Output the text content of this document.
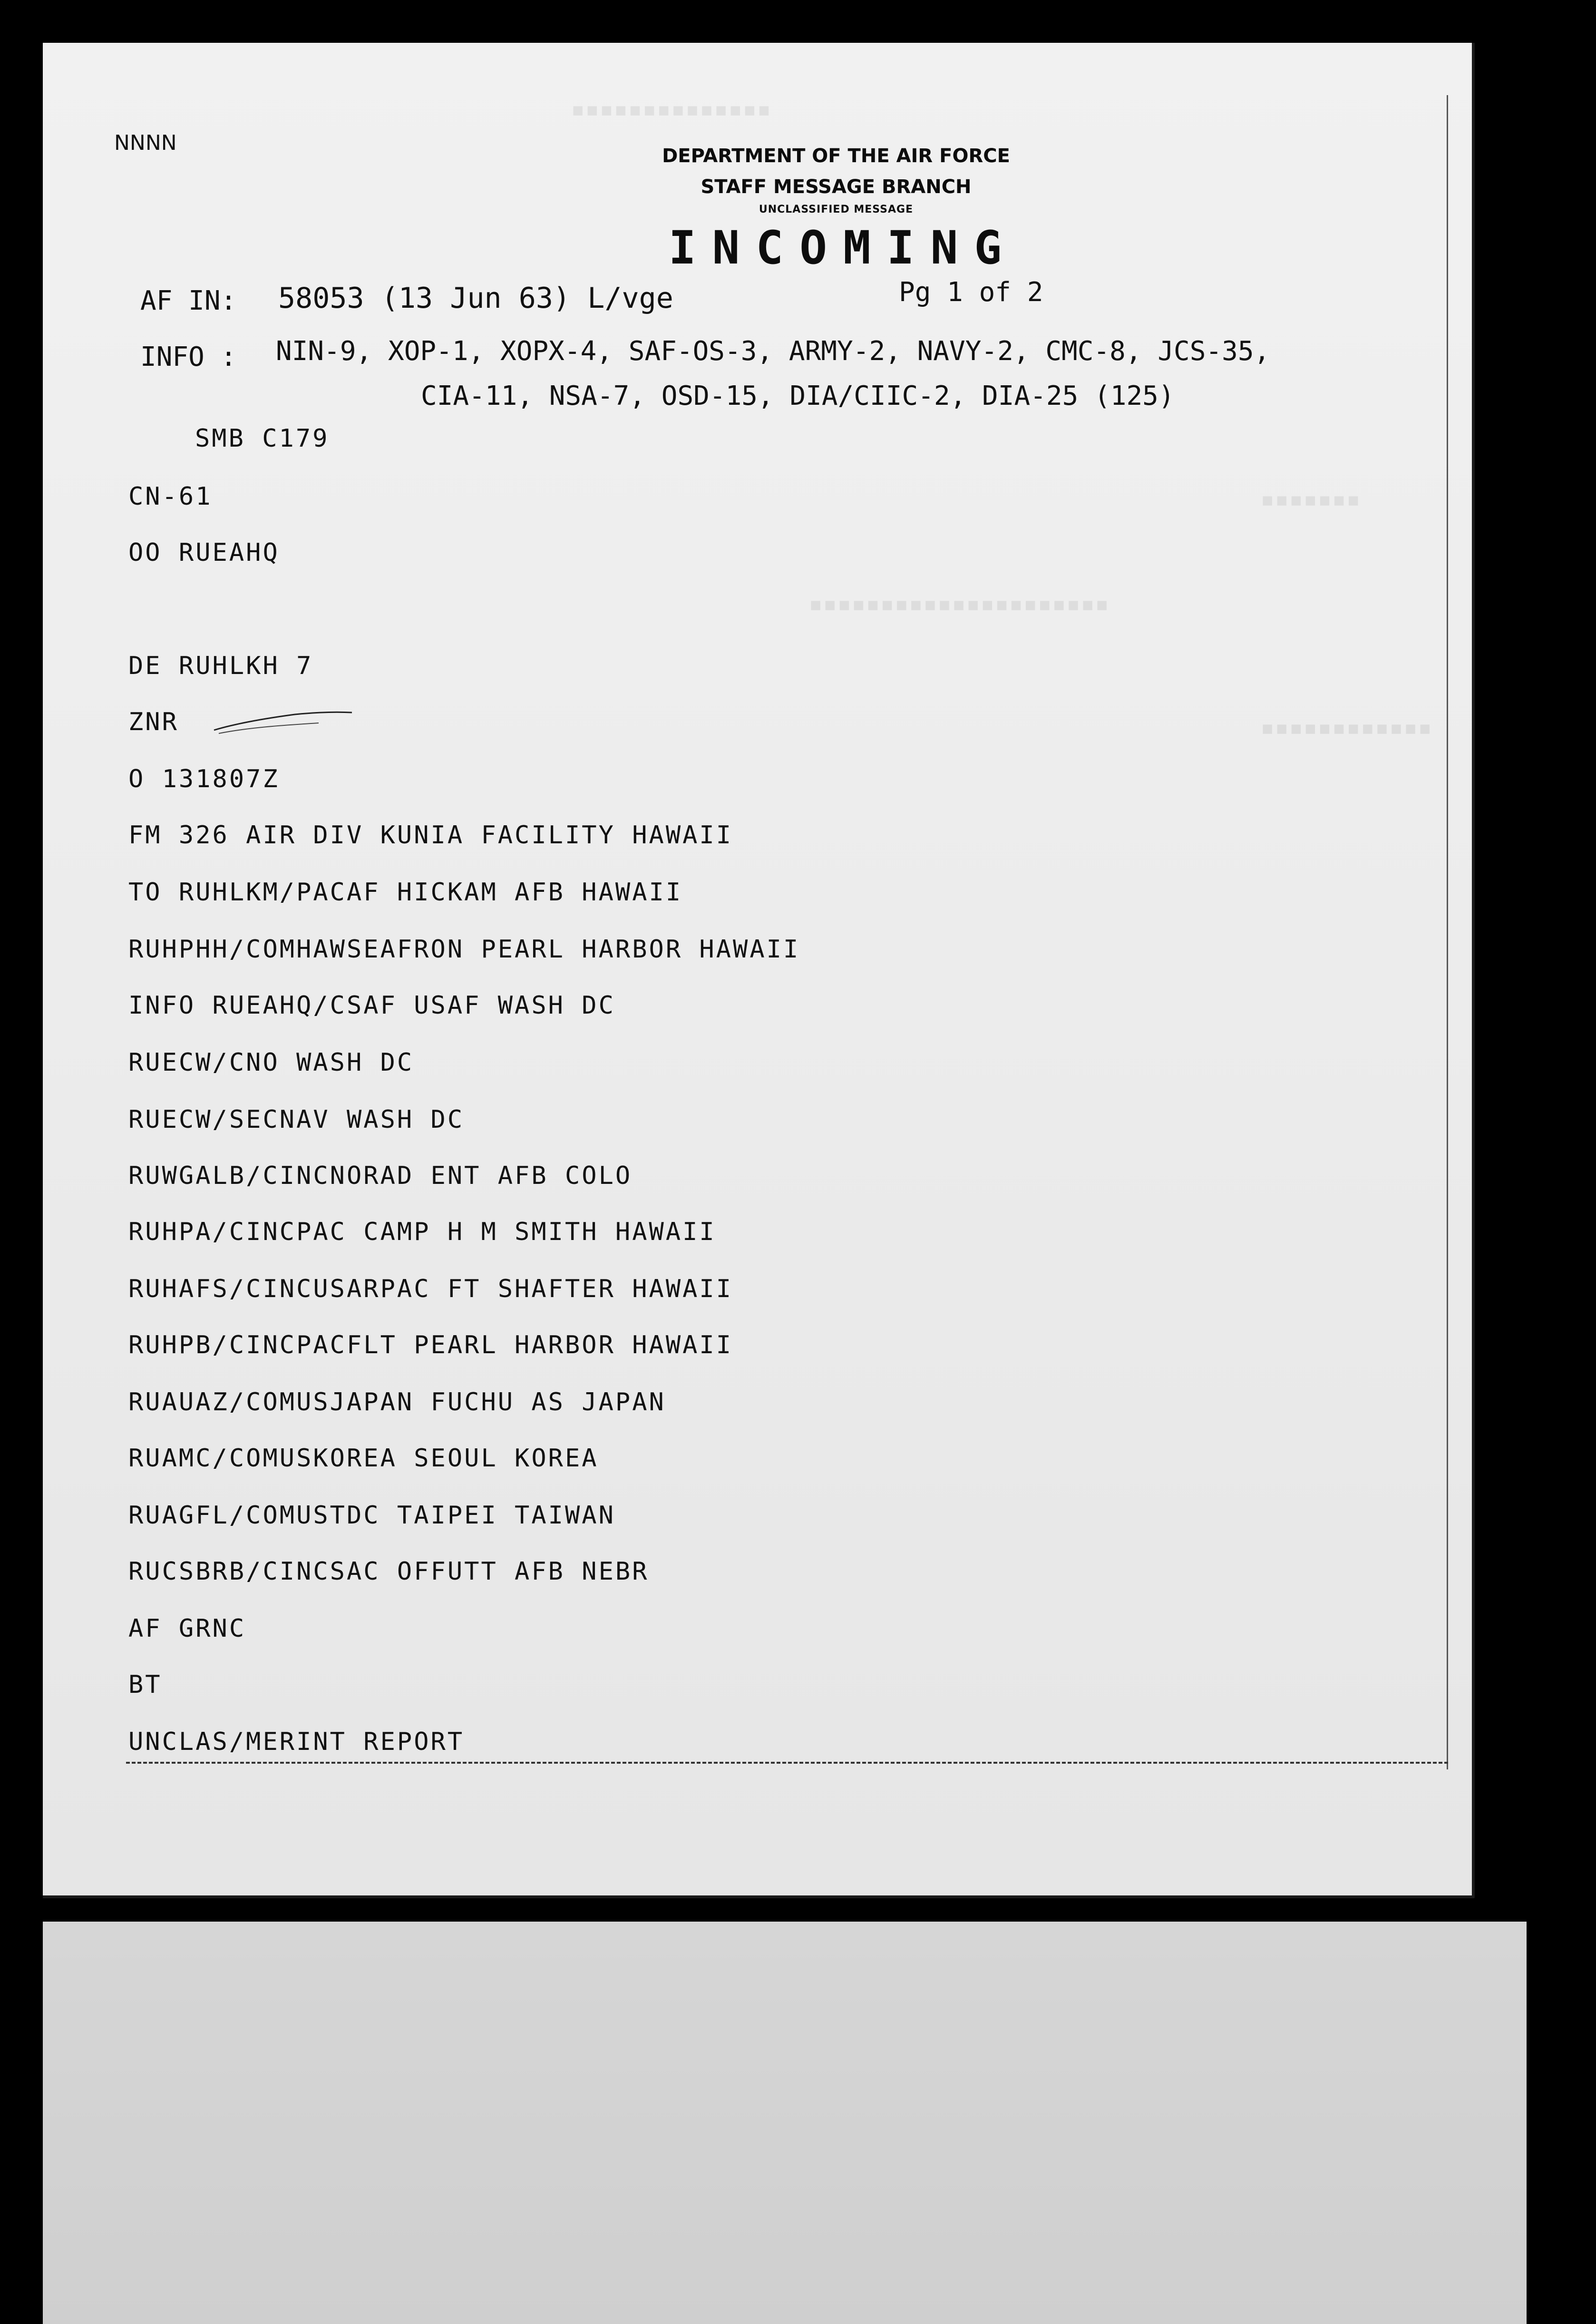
▪▪▪▪▪▪▪▪▪▪▪▪▪▪
▪▪▪▪▪▪▪
▪▪▪▪▪▪▪▪▪▪▪▪
▪▪▪▪▪▪▪▪▪▪▪▪▪▪▪▪▪▪▪▪▪
NNNN
DEPARTMENT OF THE AIR FORCE
STAFF MESSAGE BRANCH
UNCLASSIFIED MESSAGE
INCOMING
AF IN: 58053 (13 Jun 63) L/vge	Pg 1 of 2
INFO : NIN-9, XOP-1, XOPX-4, SAF-OS-3, ARMY-2, NAVY-2, CMC-8, JCS-35,
CIA-11, NSA-7, OSD-15, DIA/CIIC-2, DIA-25 (125)
SMB C179
CN-61
OO RUEAHQ
DE RUHLKH 7
ZNR
O 131807Z
FM 326 AIR DIV KUNIA FACILITY HAWAII
TO RUHLKM/PACAF HICKAM AFB HAWAII
RUHPHH/COMHAWSEAFRON PEARL HARBOR HAWAII
INFO RUEAHQ/CSAF USAF WASH DC
RUECW/CNO WASH DC
RUECW/SECNAV WASH DC
RUWGALB/CINCNORAD ENT AFB COLO
RUHPA/CINCPAC CAMP H M SMITH HAWAII
RUHAFS/CINCUSARPAC FT SHAFTER HAWAII
RUHPB/CINCPACFLT PEARL HARBOR HAWAII
RUAUAZ/COMUSJAPAN FUCHU AS JAPAN
RUAMC/COMUSKOREA SEOUL KOREA
RUAGFL/COMUSTDC TAIPEI TAIWAN
RUCSBRB/CINCSAC OFFUTT AFB NEBR
AF GRNC
BT
UNCLAS/MERINT REPORT
